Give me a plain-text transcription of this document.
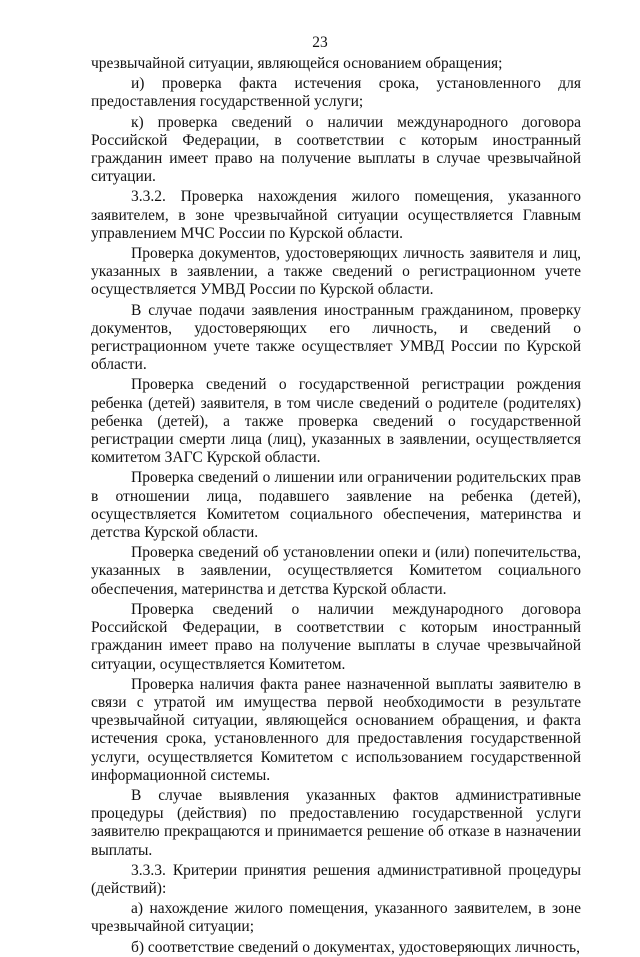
23

чрезвычайной ситуации, являющейся основанием обращения;

и) проверка факта истечения срока, установленного для предоставления государственной услуги;

к) проверка сведений о наличии международного договора Российской Федерации, в соответствии с которым иностранный гражданин имеет право на получение выплаты в случае чрезвычайной ситуации.

3.3.2. Проверка нахождения жилого помещения, указанного заявителем, в зоне чрезвычайной ситуации осуществляется Главным управлением МЧС России по Курской области.

Проверка документов, удостоверяющих личность заявителя и лиц, указанных в заявлении, а также сведений о регистрационном учете осуществляется УМВД России по Курской области.

В случае подачи заявления иностранным гражданином, проверку документов, удостоверяющих его личность, и сведений о регистрационном учете также осуществляет УМВД России по Курской области.

Проверка сведений о государственной регистрации рождения ребенка (детей) заявителя, в том числе сведений о родителе (родителях) ребенка (детей), а также проверка сведений о государственной регистрации смерти лица (лиц), указанных в заявлении, осуществляется комитетом ЗАГС Курской области.

Проверка сведений о лишении или ограничении родительских прав в отношении лица, подавшего заявление на ребенка (детей), осуществляется Комитетом социального обеспечения, материнства и детства Курской области.

Проверка сведений об установлении опеки и (или) попечительства, указанных в заявлении, осуществляется Комитетом социального обеспечения, материнства и детства Курской области.

Проверка сведений о наличии международного договора Российской Федерации, в соответствии с которым иностранный гражданин имеет право на получение выплаты в случае чрезвычайной ситуации, осуществляется Комитетом.

Проверка наличия факта ранее назначенной выплаты заявителю в связи с утратой им имущества первой необходимости в результате чрезвычайной ситуации, являющейся основанием обращения, и факта истечения срока, установленного для предоставления государственной услуги, осуществляется Комитетом с использованием государственной информационной системы.

В случае выявления указанных фактов административные процедуры (действия) по предоставлению государственной услуги заявителю прекращаются и принимается решение об отказе в назначении выплаты.

3.3.3. Критерии принятия решения административной процедуры (действий):

а) нахождение жилого помещения, указанного заявителем, в зоне чрезвычайной ситуации;

б) соответствие сведений о документах, удостоверяющих личность,
